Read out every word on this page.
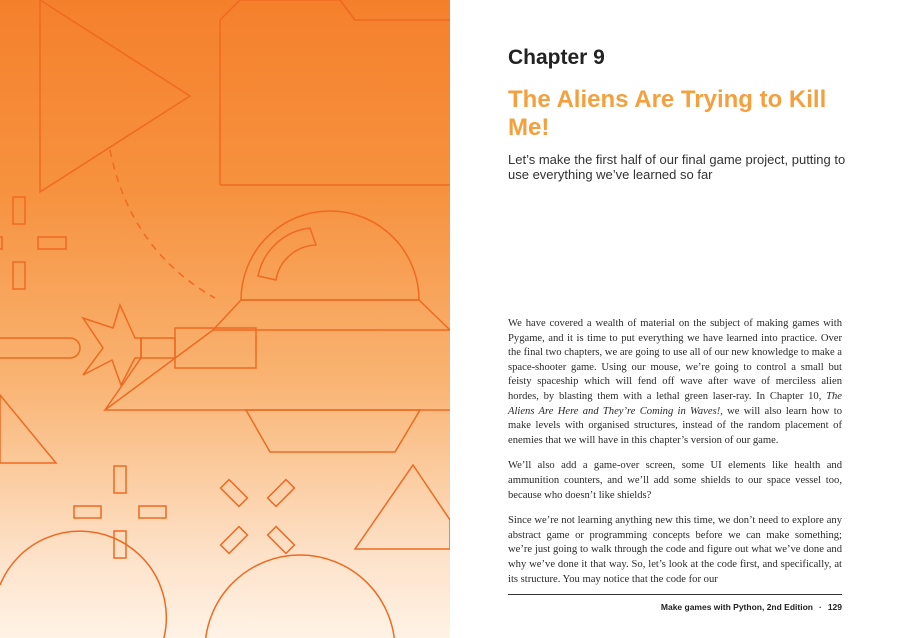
Chapter 9
The Aliens Are Trying to Kill Me!
Let’s make the first half of our final game project, putting to use everything we’ve learned so far

We have covered a wealth of material on the subject of making games with Pygame, and it is time to put everything we have learned into practice. Over the final two chapters, we are going to use all of our new knowledge to make a space-shooter game. Using our mouse, we’re going to control a small but feisty spaceship which will fend off wave after wave of merciless alien hordes, by blasting them with a lethal green laser-ray. In Chapter 10, The Aliens Are Here and They’re Coming in Waves!, we will also learn how to make levels with organised structures, instead of the random placement of enemies that we will have in this chapter’s version of our game.

We’ll also add a game-over screen, some UI elements like health and ammunition counters, and we’ll add some shields to our space vessel too, because who doesn’t like shields?

Since we’re not learning anything new this time, we don’t need to explore any abstract game or programming concepts before we can make something; we’re just going to walk through the code and figure out what we’ve done and why we’ve done it that way. So, let’s look at the code first, and specifically, at its structure. You may notice that the code for our

Make games with Python, 2nd Edition · 129
